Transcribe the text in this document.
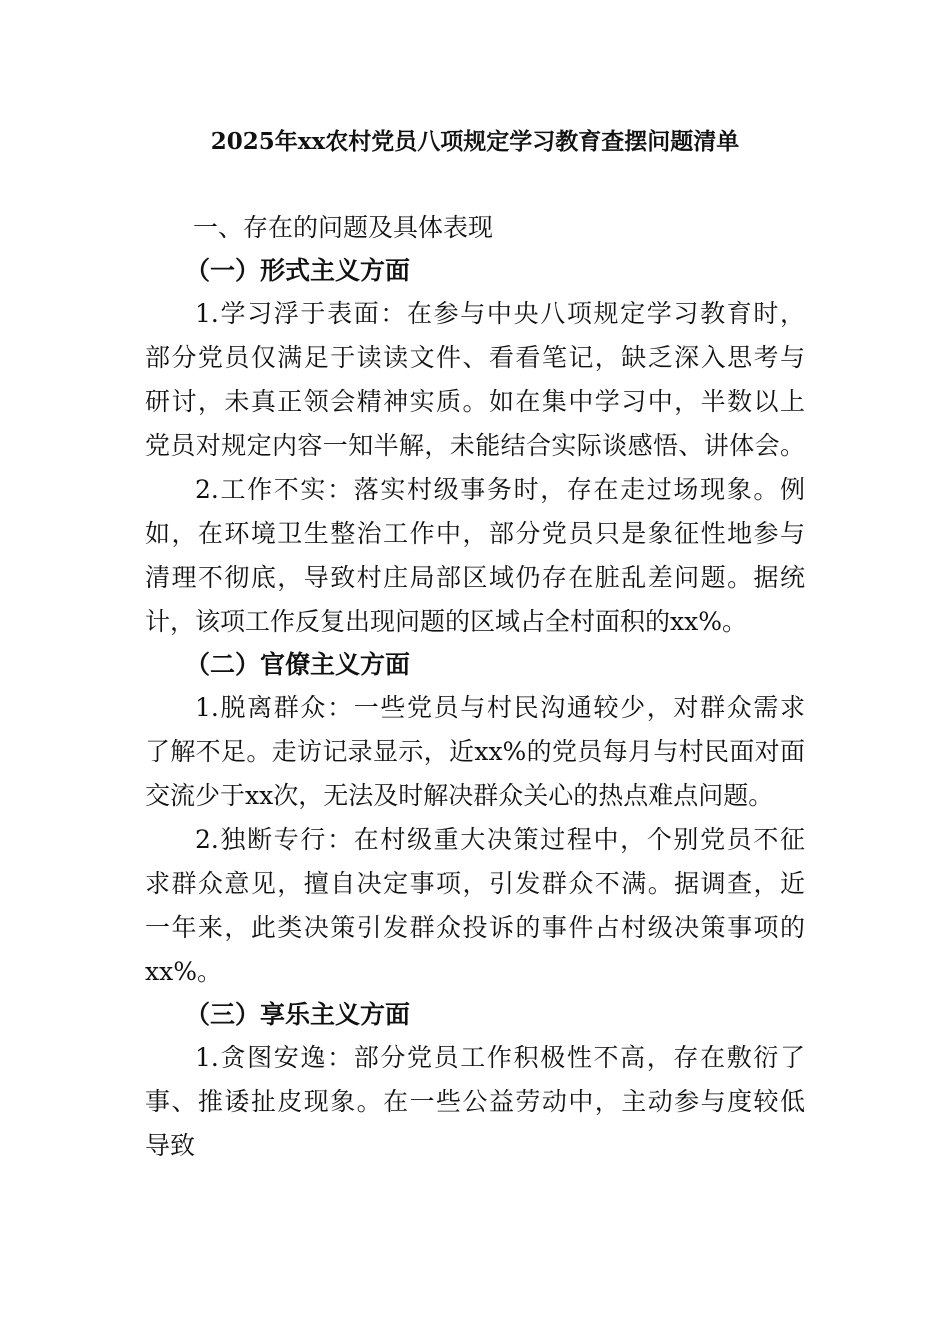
2025年xx农村党员八项规定学习教育查摆问题清单
一、存在的问题及具体表现
（一）形式主义方面
1.学习浮于表面：在参与中央八项规定学习教育时，
部分党员仅满足于读读文件、看看笔记，缺乏深入思考与
研讨，未真正领会精神实质。如在集中学习中，半数以上
党员对规定内容一知半解，未能结合实际谈感悟、讲体会。
2.工作不实：落实村级事务时，存在走过场现象。例
如，在环境卫生整治工作中，部分党员只是象征性地参与
清理不彻底，导致村庄局部区域仍存在脏乱差问题。据统
计，该项工作反复出现问题的区域占全村面积的xx%。
（二）官僚主义方面
1.脱离群众：一些党员与村民沟通较少，对群众需求
了解不足。走访记录显示，近xx%的党员每月与村民面对面
交流少于xx次，无法及时解决群众关心的热点难点问题。
2.独断专行：在村级重大决策过程中，个别党员不征
求群众意见，擅自决定事项，引发群众不满。据调查，近
一年来，此类决策引发群众投诉的事件占村级决策事项的
xx%。
（三）享乐主义方面
1.贪图安逸：部分党员工作积极性不高，存在敷衍了
事、推诿扯皮现象。在一些公益劳动中，主动参与度较低
导致
